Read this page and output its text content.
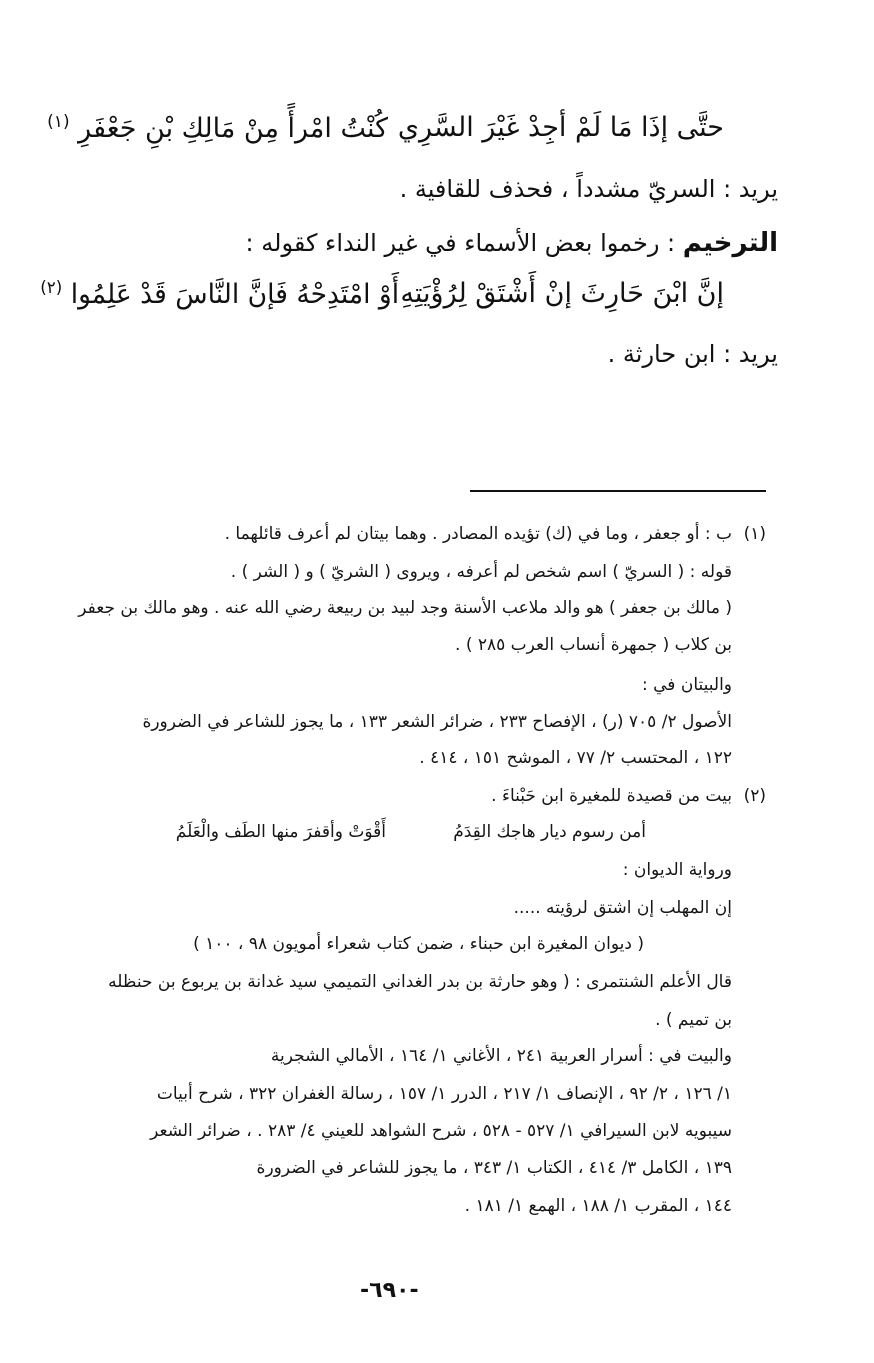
حتَّى إذَا مَا لَمْ أجِدْ غَيْرَ السَّرِي
كُنْتُ امْرأً مِنْ مَالِكِ بْنِ جَعْفَرِ $^{(١)}$
يريد : السريّ مشدداً ، فحذف للقافية .
الترخيم : رخموا بعض الأسماء في غير النداء كقوله :
إنَّ ابْنَ حَارِثَ إنْ أَشْتَقْ لِرُؤْيَتِهِ
أَوْ امْتَدِحْهُ فَإنَّ النَّاسَ قَدْ عَلِمُوا $^{(٢)}$
يريد : ابن حارثة .
(١)
ب : أو جعفر ، وما في (ك) تؤيده المصادر . وهما بيتان لم أعرف قائلهما .
قوله : ( السريّ ) اسم شخص لم أعرفه ، ويروى ( الشريّ ) و ( الشر ) .
( مالك بن جعفر ) هو والد ملاعب الأسنة وجد لبيد بن ربيعة رضي الله عنه . وهو مالك بن جعفر
بن كلاب ( جمهرة أنساب العرب ٢٨٥ ) .
والبيتان في :
الأصول ٢/ ٧٠٥ (ر) ، الإفصاح ٢٣٣ ، ضرائر الشعر ١٣٣ ، ما يجوز للشاعر في الضرورة
١٢٢ ، المحتسب ٢/ ٧٧ ، الموشح ١٥١ ، ٤١٤ .
(٢)
بيت من قصيدة للمغيرة ابن حَبْناءَ .
أمن رسوم ديار هاجك القِدَمُ
أَقْوَتْ وأقفرَ منها الطَف والْعَلَمُ
ورواية الديوان :
إن المهلب إن اشتق لرؤيته .....
( ديوان المغيرة ابن حبناء ، ضمن كتاب شعراء أمويون ٩٨ ، ١٠٠ )
قال الأعلم الشنتمرى : ( وهو حارثة بن بدر الغداني التميمي سيد غدانة بن يربوع بن حنظله
بن تميم ) .
والبيت في : أسرار العربية ٢٤١ ، الأغاني ١/ ١٦٤ ، الأمالي الشجرية
١/ ١٢٦ ، ٢/ ٩٢ ، الإنصاف ١/ ٢١٧ ، الدرر ١/ ١٥٧ ، رسالة الغفران ٣٢٢ ، شرح أبيات
سيبويه لابن السيرافي ١/ ٥٢٧ - ٥٢٨ ، شرح الشواهد للعيني ٤/ ٢٨٣ . ، ضرائر الشعر
١٣٩ ، الكامل ٣/ ٤١٤ ، الكتاب ١/ ٣٤٣ ، ما يجوز للشاعر في الضرورة
١٤٤ ، المقرب ١/ ١٨٨ ، الهمع ١/ ١٨١ .
-٦٩٠-
